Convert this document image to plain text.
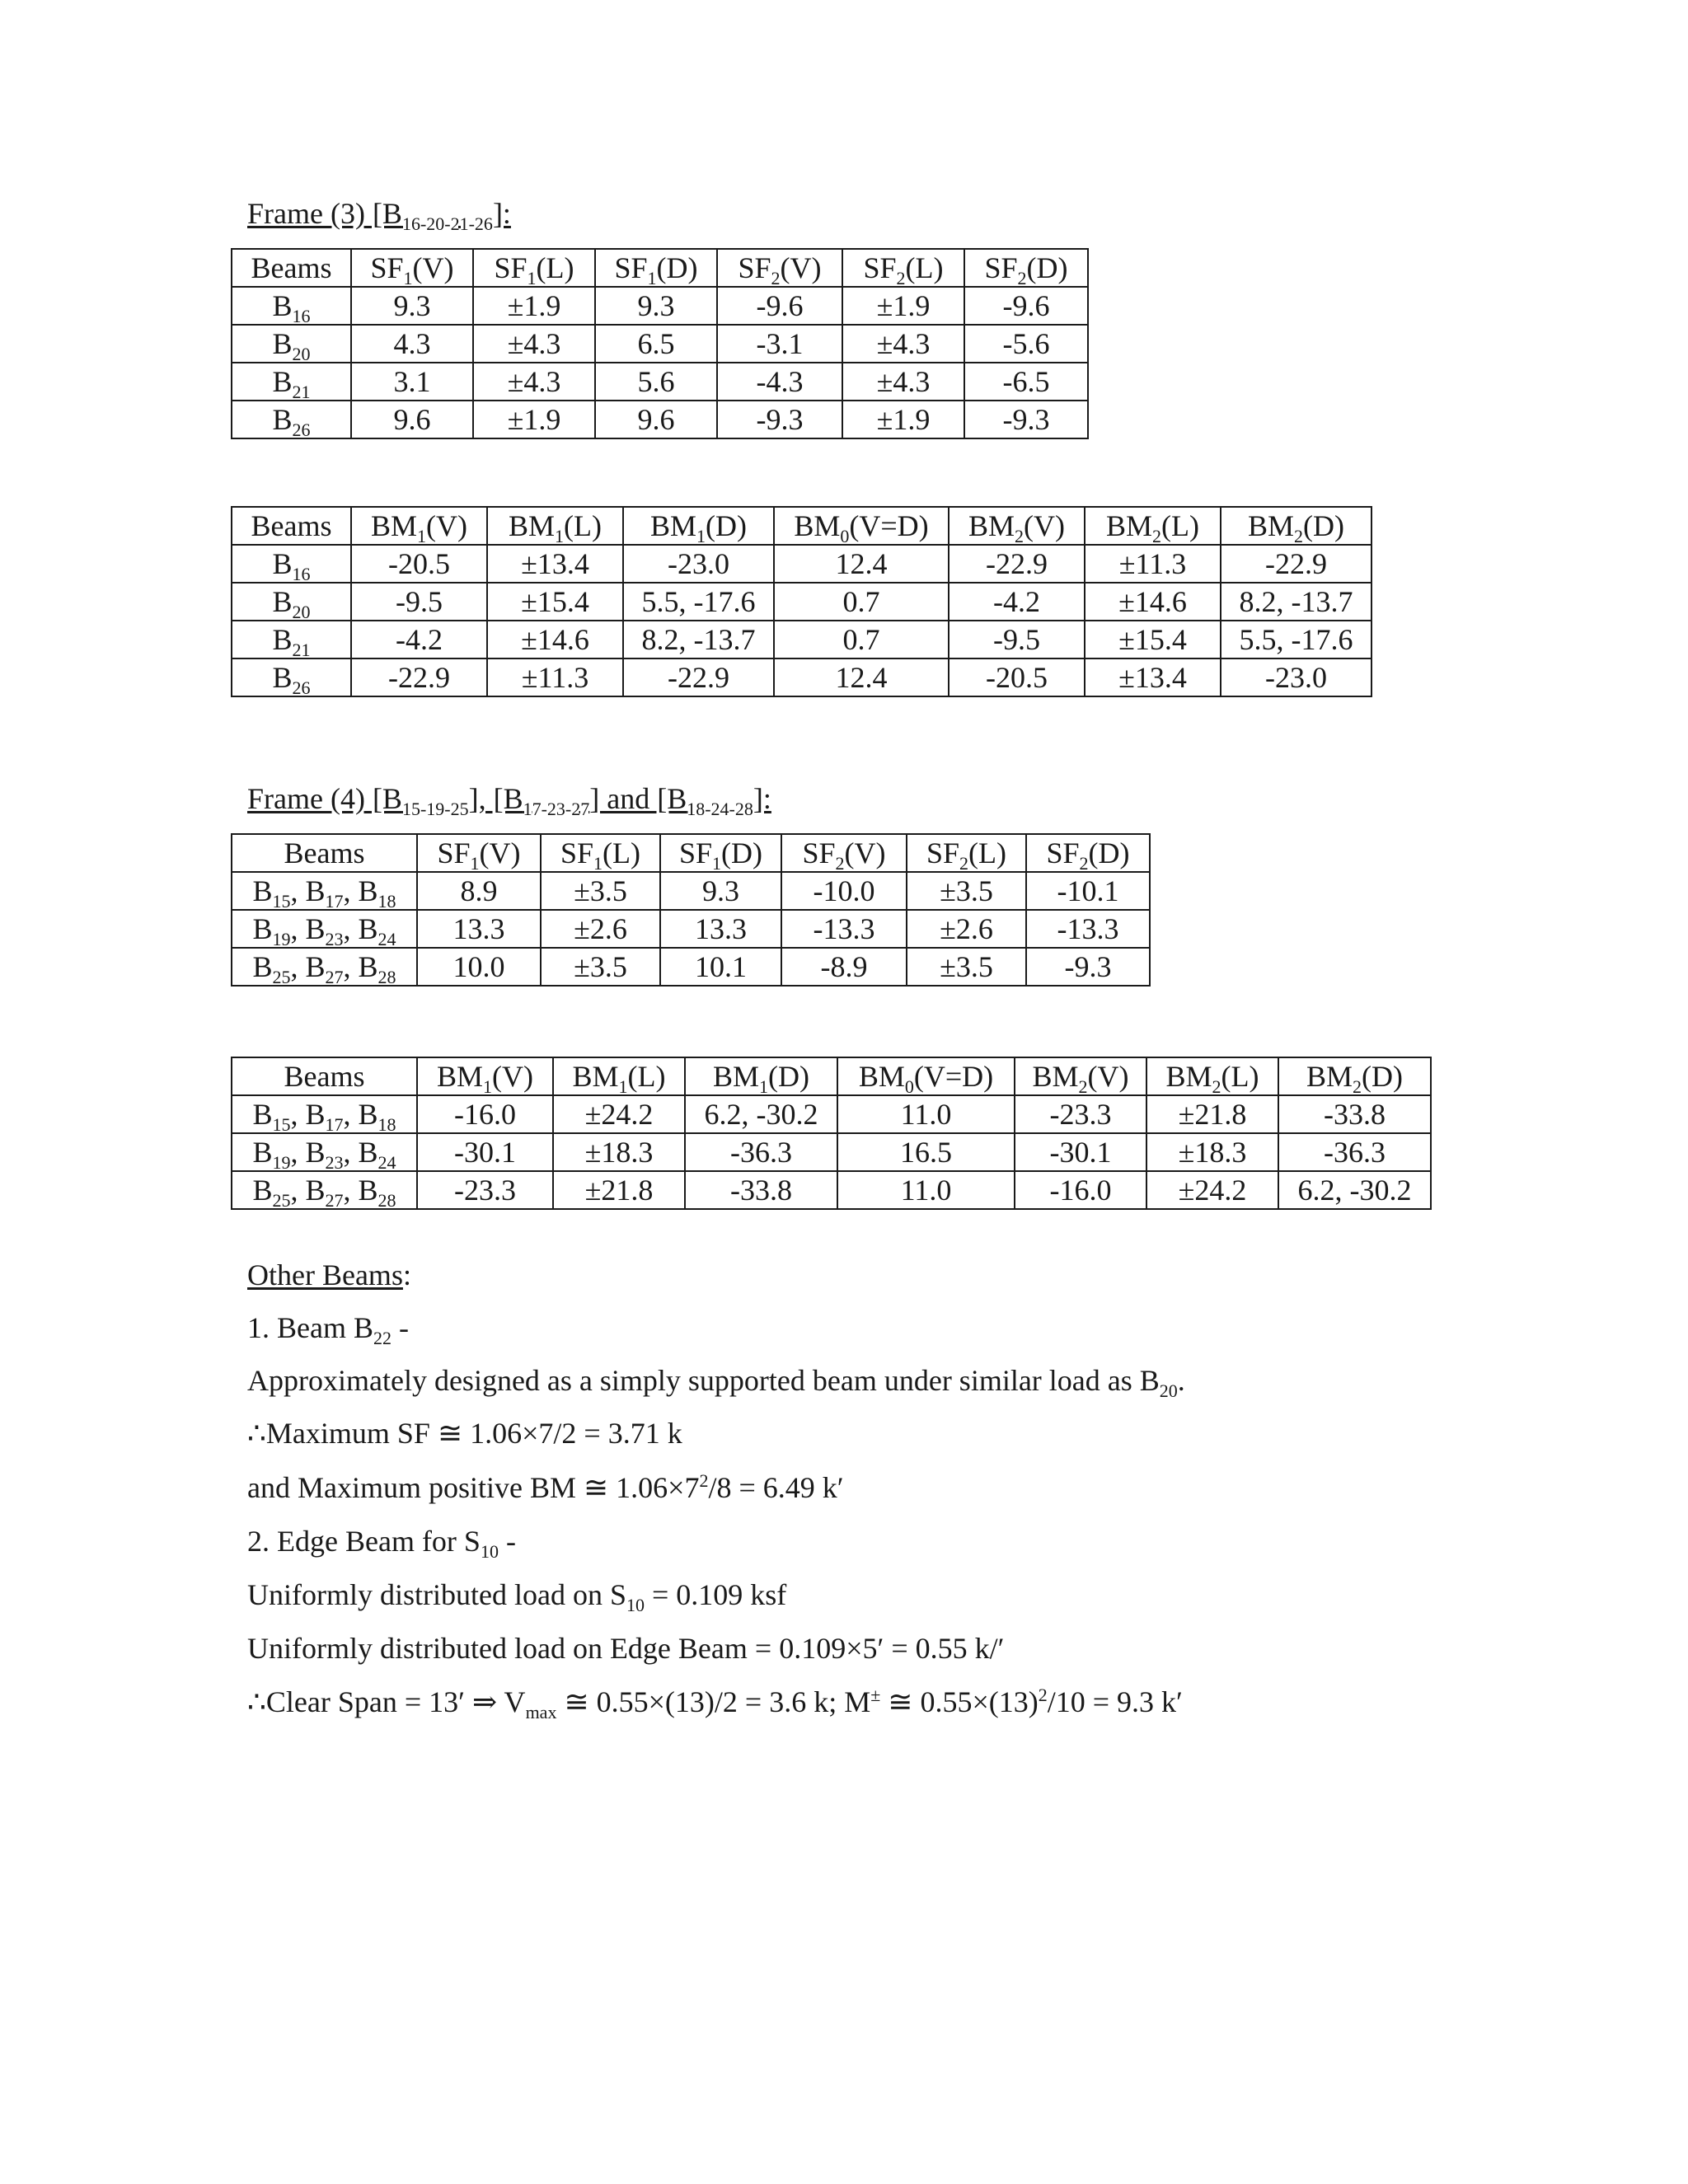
Frame (3) $[B_{16-20-21-26}]$:
Beams	$SF_1(V)$	$SF_1(L)$	$SF_1(D)$	$SF_2(V)$	$SF_2(L)$	$SF_2(D)$
$B_{16}$	9.3	±1.9	9.3	-9.6	±1.9	-9.6
$B_{20}$	4.3	±4.3	6.5	-3.1	±4.3	-5.6
$B_{21}$	3.1	±4.3	5.6	-4.3	±4.3	-6.5
$B_{26}$	9.6	±1.9	9.6	-9.3	±1.9	-9.3
Beams	$BM_1(V)$	$BM_1(L)$	$BM_1(D)$	$BM_0(V=D)$	$BM_2(V)$	$BM_2(L)$	$BM_2(D)$
$B_{16}$	-20.5	±13.4	-23.0	12.4	-22.9	±11.3	-22.9
$B_{20}$	-9.5	±15.4	5.5, -17.6	0.7	-4.2	±14.6	8.2, -13.7
$B_{21}$	-4.2	±14.6	8.2, -13.7	0.7	-9.5	±15.4	5.5, -17.6
$B_{26}$	-22.9	±11.3	-22.9	12.4	-20.5	±13.4	-23.0
Frame (4) $[B_{15-19-25}]$, $[B_{17-23-27}]$ and $[B_{18-24-28}]$:
Beams	$SF_1(V)$	$SF_1(L)$	$SF_1(D)$	$SF_2(V)$	$SF_2(L)$	$SF_2(D)$
$B_{15}$, $B_{17}$, $B_{18}$	8.9	±3.5	9.3	-10.0	±3.5	-10.1
$B_{19}$, $B_{23}$, $B_{24}$	13.3	±2.6	13.3	-13.3	±2.6	-13.3
$B_{25}$, $B_{27}$, $B_{28}$	10.0	±3.5	10.1	-8.9	±3.5	-9.3
Beams	$BM_1(V)$	$BM_1(L)$	$BM_1(D)$	$BM_0(V=D)$	$BM_2(V)$	$BM_2(L)$	$BM_2(D)$
$B_{15}$, $B_{17}$, $B_{18}$	-16.0	±24.2	6.2, -30.2	11.0	-23.3	±21.8	-33.8
$B_{19}$, $B_{23}$, $B_{24}$	-30.1	±18.3	-36.3	16.5	-30.1	±18.3	-36.3
$B_{25}$, $B_{27}$, $B_{28}$	-23.3	±21.8	-33.8	11.0	-16.0	±24.2	6.2, -30.2
Other Beams:
1. Beam $B_{22}$ -
Approximately designed as a simply supported beam under similar load as $B_{20}$.
∴Maximum SF ≅ 1.06×7/2 = 3.71 k
and Maximum positive BM ≅ $1.06\times 7^2/8 = 6.49$ k′
2. Edge Beam for $S_{10}$ -
Uniformly distributed load on $S_{10} = 0.109$ ksf
Uniformly distributed load on Edge Beam = 0.109×5′ = 0.55 k/′
∴Clear Span = 13′ ⇒ $V_{max}$ ≅ 0.55×(13)/2 = 3.6 k; M± ≅ $0.55\times(13)^2/10 = 9.3$ k′
